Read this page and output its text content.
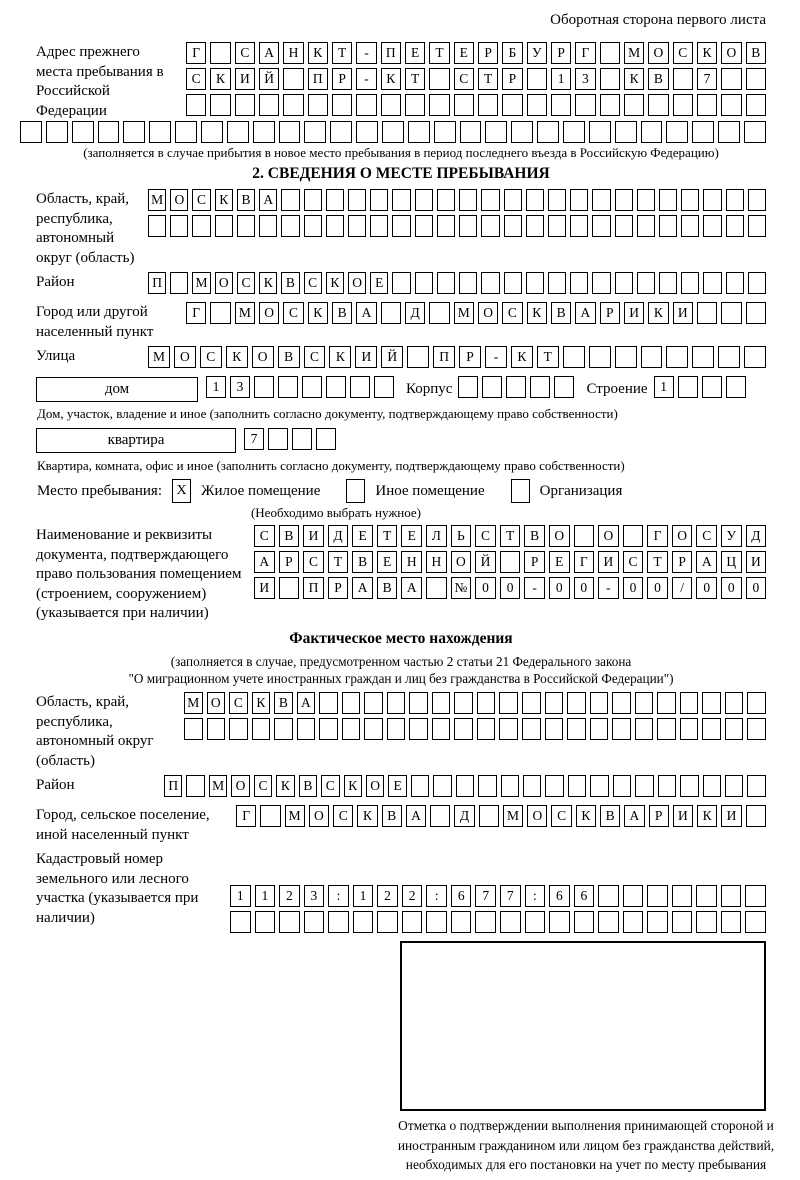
Оборотная сторона первого листа
Адрес прежнего места пребывания в Российской Федерации
Г	С	А	Н	К	Т	-	П	Е	Т	Е	Р	Б	У	Р	Г	М О	С	К	О	В
С	К	И	Й	П	Р	-	К	Т	С	Т	Р	1	3	К	В	7
(заполняется в случае прибытия в новое место пребывания в период последнего въезда в Российскую Федерацию)
2. СВЕДЕНИЯ О МЕСТЕ ПРЕБЫВАНИЯ
Область, край, республика, автономный округ (область)
М О С К В А
Район	П	М О С К В С К О Е
Город или другой населенный пункт
Г	М О	С	К	В	А	Д	М О	С	К	В	А	Р	И	К	И
Улица	М	О	С	К	О	В	С	К	И	Й	П	Р	-	К	Т
дом	1	3	Корпус	Строение 1
Дом, участок, владение и иное (заполнить согласно документу, подтверждающему право собственности)
квартира	7
Квартира, комната, офис и иное (заполнить согласно документу, подтверждающему право собственности)
Место пребывания:	X Жилое помещение	Иное помещение	Организация
(Необходимо выбрать нужное)
Наименование и реквизиты документа, подтверждающего право пользования помещением (строением, сооружением) (указывается при наличии)
С	В	И	Д	Е	Т	Е	Л	Ь	С	Т	В	О	О	Г	О	С	У	Д
А	Р	С	Т	В	Е	Н	Н	О	Й	Р	Е	Г	И	С	Т	Р	А	Ц	И
И	П	Р	А	В	А	№	0	0	-	0	0	-	0	0	/	0	0	0
Фактическое место нахождения
(заполняется в случае, предусмотренном частью 2 статьи 21 Федерального закона
"О миграционном учете иностранных граждан и лиц без гражданства в Российской Федерации")
Область, край, республика, автономный округ (область)
М О С	К	В А
Район	П	М О С К В С К О Е
Город, сельское поселение, иной населенный пункт
Г	М О	С	К	В	А	Д	М О	С	К	В	А	Р	И	К	И
Кадастровый номер земельного или лесного участка (указывается при наличии)
1	1	2	3	:	1	2	2	:	6	7	7	:	6	6
Отметка о подтверждении выполнения принимающей стороной и иностранным гражданином или лицом без гражданства действий, необходимых для его постановки на учет по месту пребывания
